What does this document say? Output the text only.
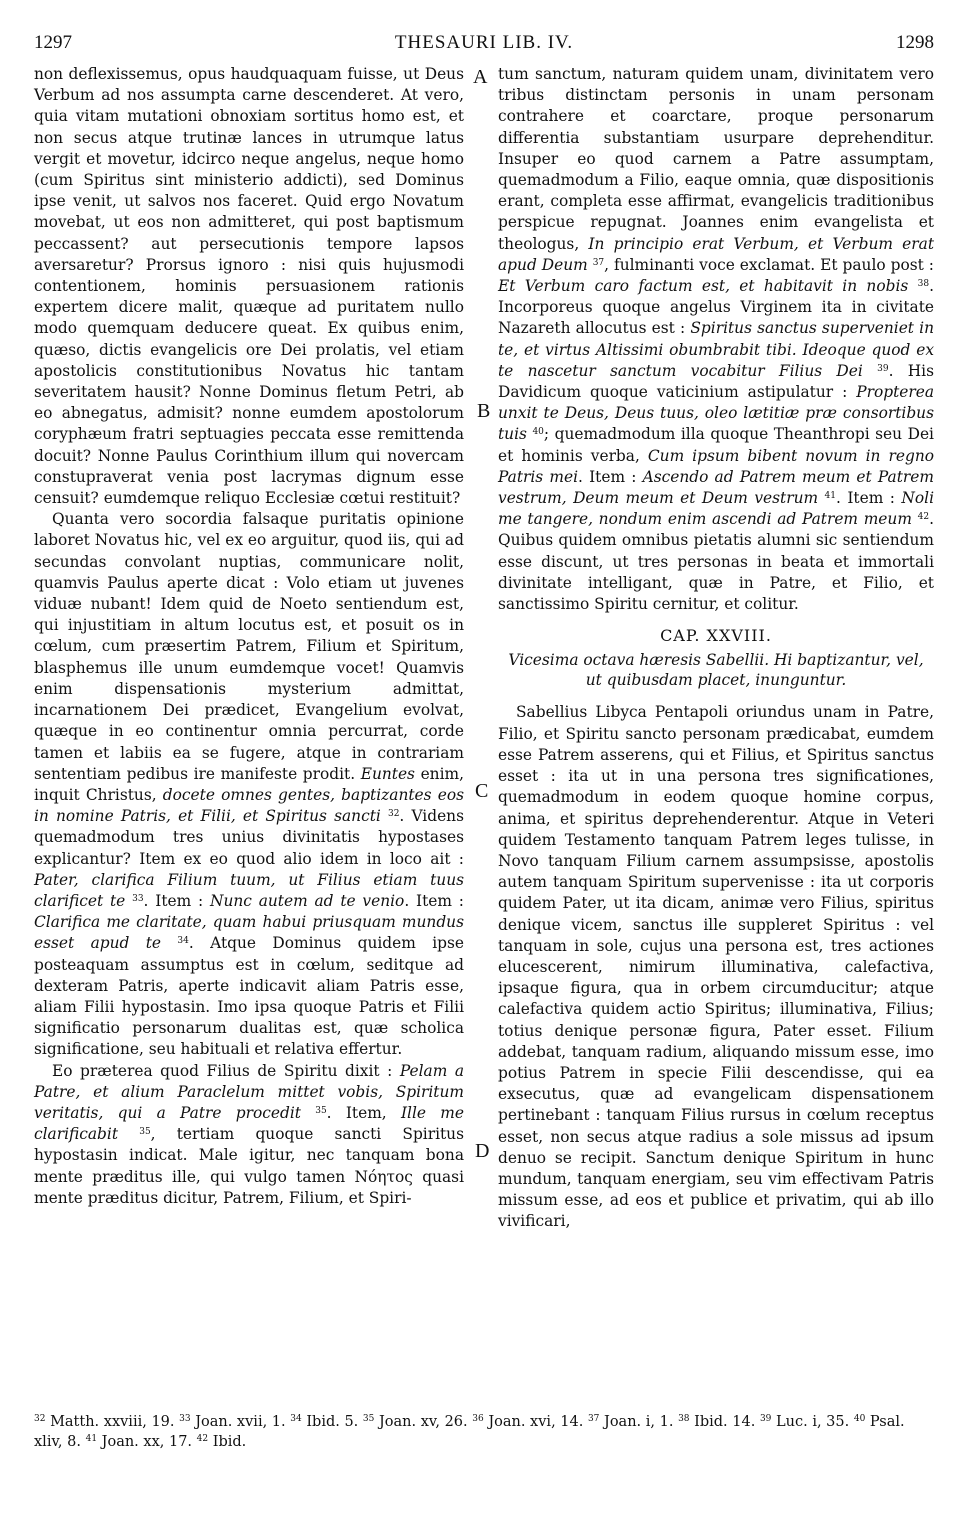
1297	THESAURI LIB. IV.	1298
A
B
C
D

non deflexissemus, opus haudquaquam fuisse, ut Deus Verbum ad nos assumpta carne descenderet. At vero, quia vitam mutationi obnoxiam sortitus homo est, et non secus atque trutinæ lances in utrumque latus vergit et movetur, idcirco neque angelus, neque homo (cum Spiritus sint ministerio addicti), sed Dominus ipse venit, ut salvos nos faceret. Quid ergo Novatum movebat, ut eos non admitteret, qui post baptismum peccassent? aut persecutionis tempore lapsos aversaretur? Prorsus ignoro : nisi quis hujusmodi contentionem, hominis persuasionem rationis expertem dicere malit, quæque ad puritatem nullo modo quemquam deducere queat. Ex quibus enim, quæso, dictis evangelicis ore Dei prolatis, vel etiam apostolicis constitutionibus Novatus hic tantam severitatem hausit? Nonne Dominus fletum Petri, ab eo abnegatus, admisit? nonne eumdem apostolorum coryphæum fratri septuagies peccata esse remittenda docuit? Nonne Paulus Corinthium illum qui novercam constupraverat venia post lacrymas dignum esse censuit? eumdemque reliquo Ecclesiæ cœtui restituit?

Quanta vero socordia falsaque puritatis opinione laboret Novatus hic, vel ex eo arguitur, quod iis, qui ad secundas convolant nuptias, communicare nolit, quamvis Paulus aperte dicat : Volo etiam ut juvenes viduæ nubant! Idem quid de Noeto sentiendum est, qui injustitiam in altum locutus est, et posuit os in cœlum, cum præsertim Patrem, Filium et Spiritum, blasphemus ille unum eumdemque vocet! Quamvis enim dispensationis mysterium admittat, incarnationem Dei prædicet, Evangelium evolvat, quæque in eo continentur omnia percurrat, corde tamen et labiis ea se fugere, atque in contrariam sententiam pedibus ire manifeste prodit. Euntes enim, inquit Christus, docete omnes gentes, baptizantes eos in nomine Patris, et Filii, et Spiritus sancti $^{32}$. Videns quemadmodum tres unius divinitatis hypostases explicantur? Item ex eo quod alio idem in loco ait : Pater, clarifica Filium tuum, ut Filius etiam tuus clarificet te $^{33}$. Item : Nunc autem ad te venio. Item : Clarifica me claritate, quam habui priusquam mundus esset apud te $^{34}$. Atque Dominus quidem ipse posteaquam assumptus est in cœlum, seditque ad dexteram Patris, aperte indicavit aliam Patris esse, aliam Filii hypostasin. Imo ipsa quoque Patris et Filii significatio personarum dualitas est, quæ scholica significatione, seu habituali et relativa effertur.

Eo præterea quod Filius de Spiritu dixit : Pelam a Patre, et alium Paraclelum mittet vobis, Spiritum veritatis, qui a Patre procedit $^{35}$. Item, Ille me clarificabit $^{35}$, tertiam quoque sancti Spiritus hypostasin indicat. Male igitur, nec tanquam bona mente præditus ille, qui vulgo tamen Νόητος quasi mente præditus dicitur, Patrem, Filium, et Spiri-

tum sanctum, naturam quidem unam, divinitatem vero tribus distinctam personis in unam personam contrahere et coarctare, proque personarum differentia substantiam usurpare deprehenditur. Insuper eo quod carnem a Patre assumptam, quemadmodum a Filio, eaque omnia, quæ dispositionis erant, completa esse affirmat, evangelicis traditionibus perspicue repugnat. Joannes enim evangelista et theologus, In principio erat Verbum, et Verbum erat apud Deum $^{37}$, fulminanti voce exclamat. Et paulo post : Et Verbum caro factum est, et habitavit in nobis $^{38}$. Incorporeus quoque angelus Virginem ita in civitate Nazareth allocutus est : Spiritus sanctus superveniet in te, et virtus Altissimi obumbrabit tibi. Ideoque quod ex te nascetur sanctum vocabitur Filius Dei $^{39}$. His Davidicum quoque vaticinium astipulatur : Propterea unxit te Deus, Deus tuus, oleo lætitiæ præ consortibus tuis $^{40}$; quemadmodum illa quoque Theanthropi seu Dei et hominis verba, Cum ipsum bibent novum in regno Patris mei. Item : Ascendo ad Patrem meum et Patrem vestrum, Deum meum et Deum vestrum $^{41}$. Item : Noli me tangere, nondum enim ascendi ad Patrem meum $^{42}$. Quibus quidem omnibus pietatis alumni sic sentiendum esse discunt, ut tres personas in beata et immortali divinitate intelligant, quæ in Patre, et Filio, et sanctissimo Spiritu cernitur, et colitur.

CAP. XXVIII.
Vicesima octava hæresis Sabellii. Hi baptizantur, vel, ut quibusdam placet, inunguntur.

Sabellius Libyca Pentapoli oriundus unam in Patre, Filio, et Spiritu sancto personam prædicabat, eumdem esse Patrem asserens, qui et Filius, et Spiritus sanctus esset : ita ut in una persona tres significationes, quemadmodum in eodem quoque homine corpus, anima, et spiritus deprehenderentur. Atque in Veteri quidem Testamento tanquam Patrem leges tulisse, in Novo tanquam Filium carnem assumpsisse, apostolis autem tanquam Spiritum supervenisse : ita ut corporis quidem Pater, ut ita dicam, animæ vero Filius, spiritus denique vicem, sanctus ille suppleret Spiritus : vel tanquam in sole, cujus una persona est, tres actiones elucescerent, nimirum illuminativa, calefactiva, ipsaque figura, qua in orbem circumducitur; atque calefactiva quidem actio Spiritus; illuminativa, Filius; totius denique personæ figura, Pater esset. Filium addebat, tanquam radium, aliquando missum esse, imo potius Patrem in specie Filii descendisse, qui ea exsecutus, quæ ad evangelicam dispensationem pertinebant : tanquam Filius rursus in cœlum receptus esset, non secus atque radius a sole missus ad ipsum denuo se recipit. Sanctum denique Spiritum in hunc mundum, tanquam energiam, seu vim effectivam Patris missum esse, ad eos et publice et privatim, qui ab illo vivificari,

$^{32}$ Matth. xxviii, 19. $^{33}$ Joan. xvii, 1. $^{34}$ Ibid. 5. $^{35}$ Joan. xv, 26. $^{36}$ Joan. xvi, 14. $^{37}$ Joan. i, 1. $^{38}$ Ibid. 14. $^{39}$ Luc. i, 35. $^{40}$ Psal. xliv, 8. $^{41}$ Joan. xx, 17. $^{42}$ Ibid.
